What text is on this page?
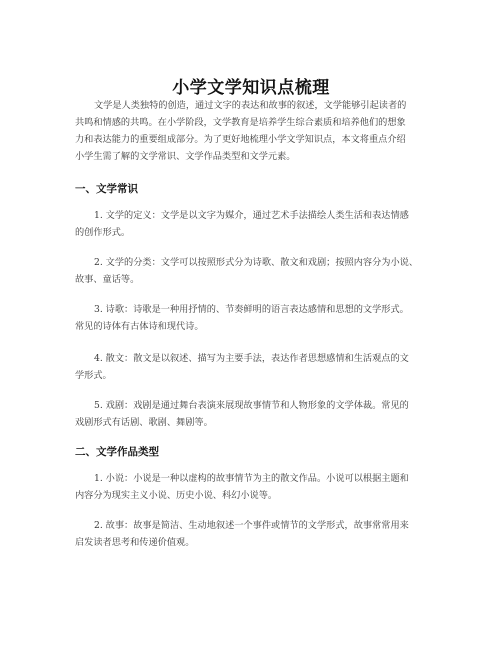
小学文学知识点梳理

文学是人类独特的创造，通过文字的表达和故事的叙述，文学能够引起读者的
共鸣和情感的共鸣。在小学阶段，文学教育是培养学生综合素质和培养他们的想象
力和表达能力的重要组成部分。为了更好地梳理小学文学知识点，本文将重点介绍
小学生需了解的文学常识、文学作品类型和文学元素。

一、文学常识

1. 文学的定义：文学是以文字为媒介，通过艺术手法描绘人类生活和表达情感
的创作形式。

2. 文学的分类：文学可以按照形式分为诗歌、散文和戏剧；按照内容分为小说、
故事、童话等。

3. 诗歌：诗歌是一种用抒情的、节奏鲜明的语言表达感情和思想的文学形式。
常见的诗体有古体诗和现代诗。

4. 散文：散文是以叙述、描写为主要手法，表达作者思想感情和生活观点的文
学形式。

5. 戏剧：戏剧是通过舞台表演来展现故事情节和人物形象的文学体裁。常见的
戏剧形式有话剧、歌剧、舞剧等。

二、文学作品类型

1. 小说：小说是一种以虚构的故事情节为主的散文作品。小说可以根据主题和
内容分为现实主义小说、历史小说、科幻小说等。

2. 故事：故事是简洁、生动地叙述一个事件或情节的文学形式，故事常常用来
启发读者思考和传递价值观。
